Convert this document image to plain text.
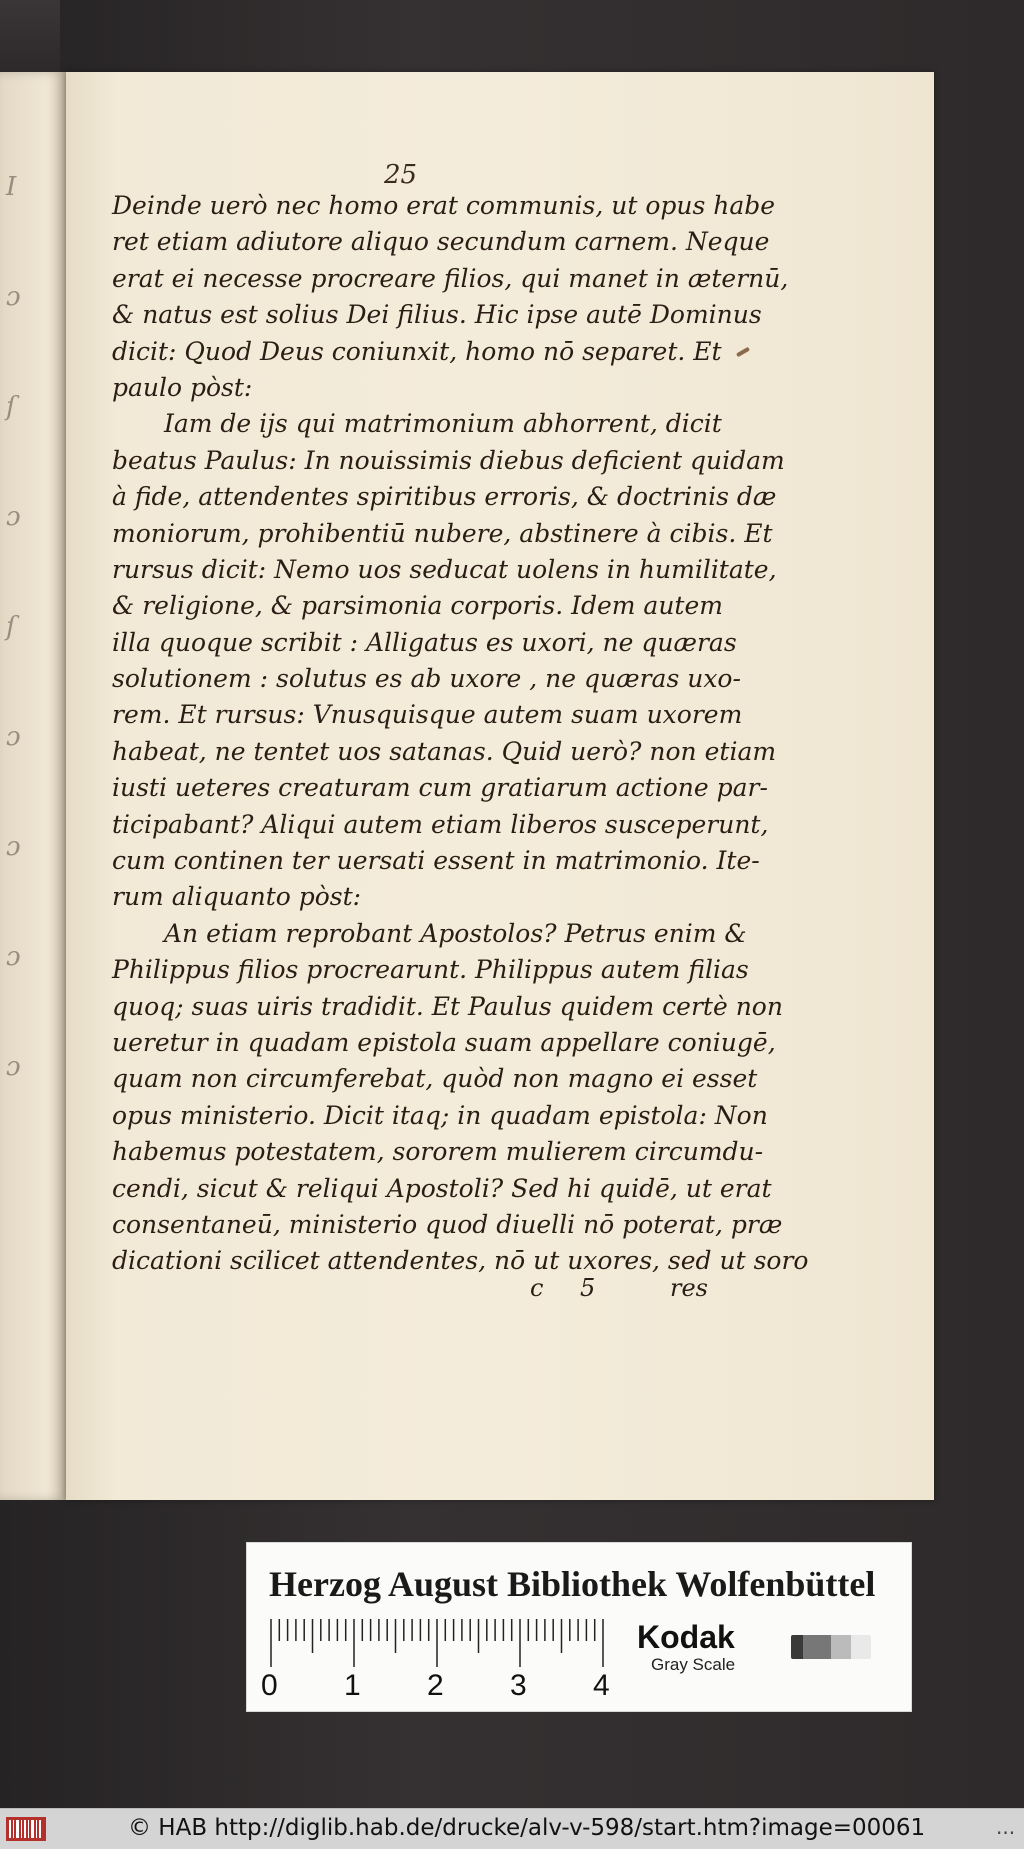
I
ɔ
ſ
ɔ
ſ
ɔ
ɔ
ɔ
ɔ
25
Deinde uerò nec homo erat communis, ut opus habe
ret etiam adiutore aliquo secundum carnem. Neque
erat ei necesse procreare filios, qui manet in æternū,
& natus est solius Dei filius. Hic ipse autē Dominus
dicit: Quod Deus coniunxit, homo nō separet. Et
paulo pòst:
Iam de ijs qui matrimonium abhorrent, dicit
beatus Paulus: In nouissimis diebus deficient quidam
à fide, attendentes spiritibus erroris, & doctrinis dæ
moniorum, prohibentiū nubere, abstinere à cibis. Et
rursus dicit: Nemo uos seducat uolens in humilitate,
& religione, & parsimonia corporis. Idem autem
illa quoque scribit : Alligatus es uxori, ne quæras
solutionem : solutus es ab uxore , ne quæras uxo-
rem. Et rursus: Vnusquisque autem suam uxorem
habeat, ne tentet uos satanas. Quid uerò? non etiam
iusti ueteres creaturam cum gratiarum actione par-
ticipabant? Aliqui autem etiam liberos susceperunt,
cum continen ter uersati essent in matrimonio. Ite-
rum aliquanto pòst:
An etiam reprobant Apostolos? Petrus enim &
Philippus filios procrearunt. Philippus autem filias
quoq; suas uiris tradidit. Et Paulus quidem certè non
ueretur in quadam epistola suam appellare coniugē,
quam non circumferebat, quòd non magno ei esset
opus ministerio. Dicit itaq; in quadam epistola: Non
habemus potestatem, sororem mulierem circumdu-
cendi, sicut & reliqui Apostoli? Sed hi quidē, ut erat
consentaneū, ministerio quod diuelli nō poterat, præ
dicationi scilicet attendentes, nō ut uxores, sed ut soro
c 5	res
Herzog August Bibliothek Wolfenbüttel
0 1 2 3 4
Kodak
Gray Scale
© HAB http://diglib.hab.de/drucke/alv-v-598/start.htm?image=00061	...
